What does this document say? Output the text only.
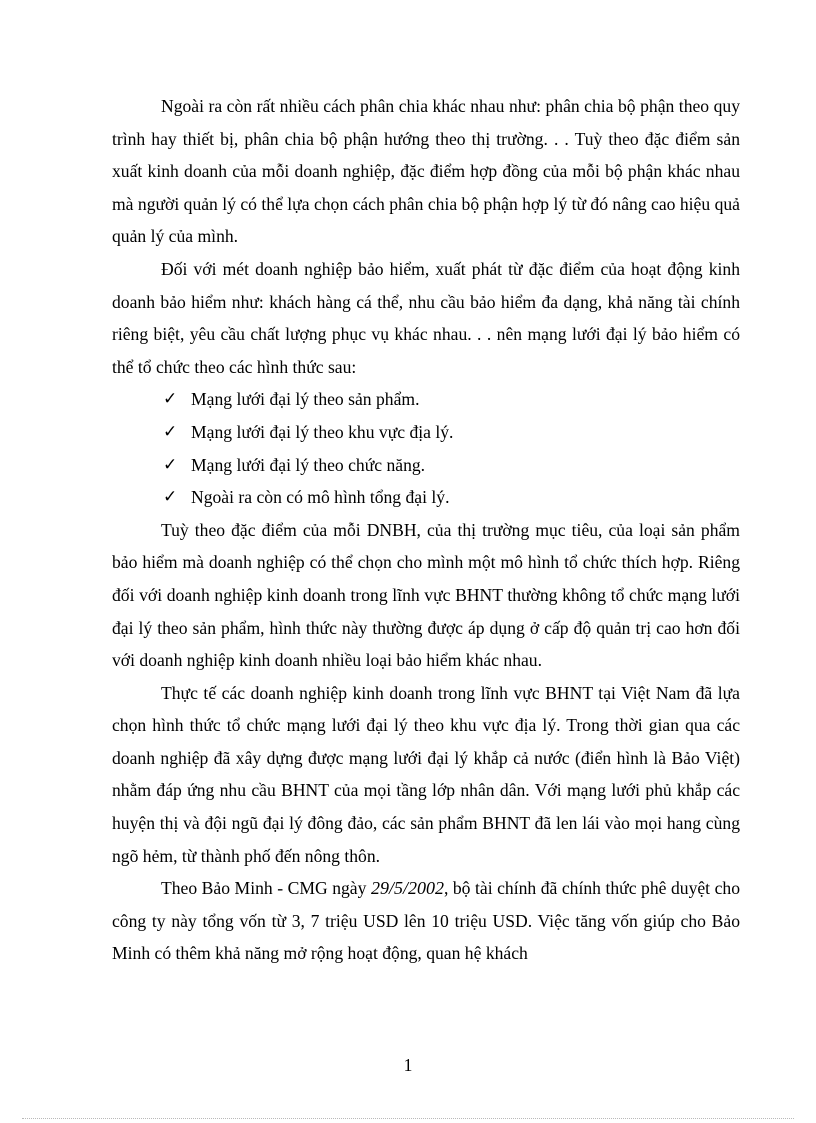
Ngoài ra còn rất nhiều cách phân chia khác nhau như: phân chia bộ phận theo quy trình hay thiết bị, phân chia bộ phận hướng theo thị trường. . . Tuỳ theo đặc điểm sản xuất kinh doanh của mỗi doanh nghiệp, đặc điểm hợp đồng của mỗi bộ phận khác nhau mà người quản lý có thể lựa chọn cách phân chia bộ phận hợp lý từ đó nâng cao hiệu quả quản lý của mình.

Đối với mét doanh nghiệp bảo hiểm, xuất phát từ đặc điểm của hoạt động kinh doanh bảo hiểm như: khách hàng cá thể, nhu cầu bảo hiểm đa dạng, khả năng tài chính riêng biệt, yêu cầu chất lượng phục vụ khác nhau. . . nên mạng lưới đại lý bảo hiểm có thể tổ chức theo các hình thức sau:

✓ Mạng lưới đại lý theo sản phẩm.
✓ Mạng lưới đại lý theo khu vực địa lý.
✓ Mạng lưới đại lý theo chức năng.
✓ Ngoài ra còn có mô hình tổng đại lý.

Tuỳ theo đặc điểm của mỗi DNBH, của thị trường mục tiêu, của loại sản phẩm bảo hiểm mà doanh nghiệp có thể chọn cho mình một mô hình tổ chức thích hợp. Riêng đối với doanh nghiệp kinh doanh trong lĩnh vực BHNT thường không tổ chức mạng lưới đại lý theo sản phẩm, hình thức này thường được áp dụng ở cấp độ quản trị cao hơn đối với doanh nghiệp kinh doanh nhiều loại bảo hiểm khác nhau.

Thực tế các doanh nghiệp kinh doanh trong lĩnh vực BHNT tại Việt Nam đã lựa chọn hình thức tổ chức mạng lưới đại lý theo khu vực địa lý. Trong thời gian qua các doanh nghiệp đã xây dựng được mạng lưới đại lý khắp cả nước (điển hình là Bảo Việt) nhằm đáp ứng nhu cầu BHNT của mọi tầng lớp nhân dân. Với mạng lưới phủ khắp các huyện thị và đội ngũ đại lý đông đảo, các sản phẩm BHNT đã len lái vào mọi hang cùng ngõ hẻm, từ thành phố đến nông thôn.

Theo Bảo Minh - CMG ngày 29/5/2002, bộ tài chính đã chính thức phê duyệt cho công ty này tổng vốn từ 3, 7 triệu USD lên 10 triệu USD. Việc tăng vốn giúp cho Bảo Minh có thêm khả năng mở rộng hoạt động, quan hệ khách

1
